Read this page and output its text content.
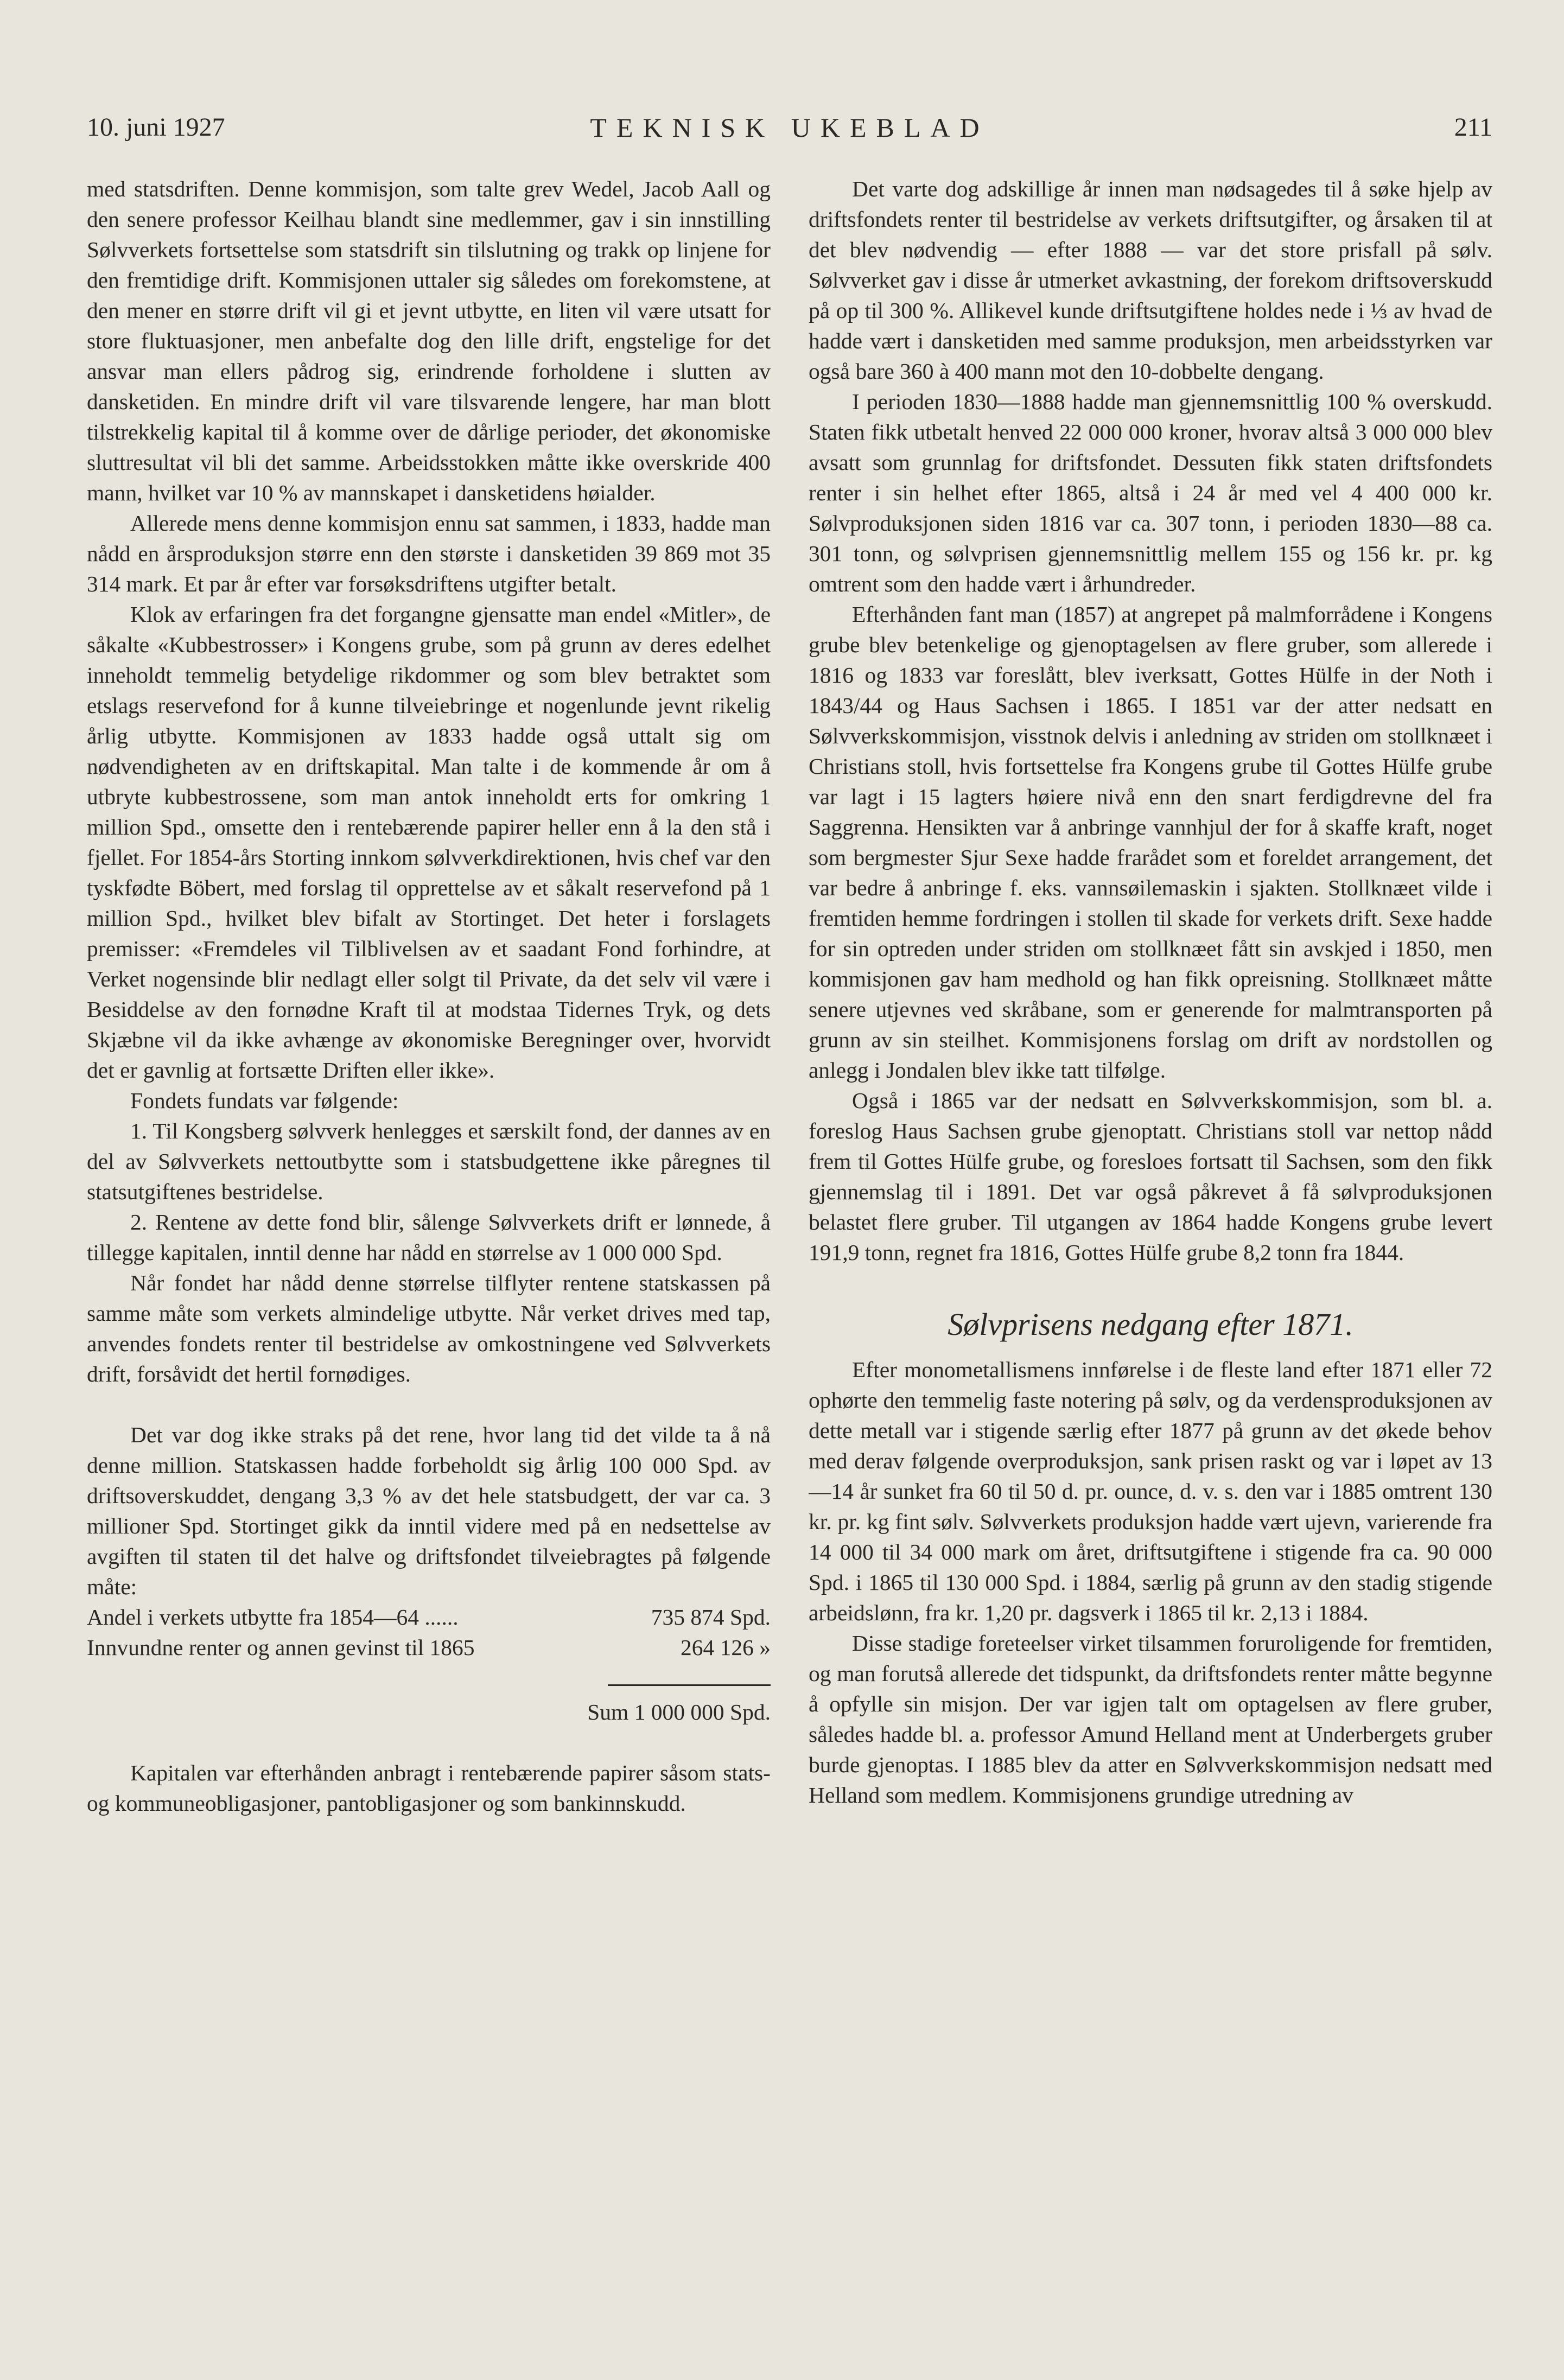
10. juni 1927	TEKNISK UKEBLAD	211

med statsdriften. Denne kommisjon, som talte grev Wedel, Jacob Aall og den senere professor Keilhau blandt sine medlemmer, gav i sin innstilling Sølvverkets fortsettelse som statsdrift sin tilslutning og trakk op linjene for den fremtidige drift. Kommisjonen uttaler sig således om forekomstene, at den mener en større drift vil gi et jevnt utbytte, en liten vil være utsatt for store fluktuasjoner, men anbefalte dog den lille drift, engstelige for det ansvar man ellers pådrog sig, erindrende forholdene i slutten av dansketiden. En mindre drift vil vare tilsvarende lengere, har man blott tilstrekkelig kapital til å komme over de dårlige perioder, det økonomiske sluttresultat vil bli det samme. Arbeidsstokken måtte ikke overskride 400 mann, hvilket var 10 % av mannskapet i dansketidens høialder.

Allerede mens denne kommisjon ennu sat sammen, i 1833, hadde man nådd en årsproduksjon større enn den største i dansketiden 39 869 mot 35 314 mark. Et par år efter var forsøksdriftens utgifter betalt.

Klok av erfaringen fra det forgangne gjensatte man endel «Mitler», de såkalte «Kubbestrosser» i Kongens grube, som på grunn av deres edelhet inneholdt temmelig betydelige rikdommer og som blev betraktet som etslags reservefond for å kunne tilveiebringe et nogenlunde jevnt rikelig årlig utbytte. Kommisjonen av 1833 hadde også uttalt sig om nødvendigheten av en driftskapital. Man talte i de kommende år om å utbryte kubbestrossene, som man antok inneholdt erts for omkring 1 million Spd., omsette den i rentebærende papirer heller enn å la den stå i fjellet. For 1854-års Storting innkom sølvverkdirektionen, hvis chef var den tyskfødte Böbert, med forslag til opprettelse av et såkalt reservefond på 1 million Spd., hvilket blev bifalt av Stortinget. Det heter i forslagets premisser: «Fremdeles vil Tilblivelsen av et saadant Fond forhindre, at Verket nogensinde blir nedlagt eller solgt til Private, da det selv vil være i Besiddelse av den fornødne Kraft til at modstaa Tidernes Tryk, og dets Skjæbne vil da ikke avhænge av økonomiske Beregninger over, hvorvidt det er gavnlig at fortsætte Driften eller ikke».

Fondets fundats var følgende:

1. Til Kongsberg sølvverk henlegges et særskilt fond, der dannes av en del av Sølvverkets nettoutbytte som i statsbudgettene ikke påregnes til statsutgiftenes bestridelse.

2. Rentene av dette fond blir, sålenge Sølvverkets drift er lønnede, å tillegge kapitalen, inntil denne har nådd en størrelse av 1 000 000 Spd.

Når fondet har nådd denne størrelse tilflyter rentene statskassen på samme måte som verkets almindelige utbytte. Når verket drives med tap, anvendes fondets renter til bestridelse av omkostningene ved Sølvverkets drift, forsåvidt det hertil fornødiges.

Det var dog ikke straks på det rene, hvor lang tid det vilde ta å nå denne million. Statskassen hadde forbeholdt sig årlig 100 000 Spd. av driftsoverskuddet, dengang 3,3 % av det hele statsbudgett, der var ca. 3 millioner Spd. Stortinget gikk da inntil videre med på en nedsettelse av avgiften til staten til det halve og driftsfondet tilveiebragtes på følgende måte:

Andel i verkets utbytte fra 1854—64 ......	735 874 Spd.
Innvundne renter og annen gevinst til 1865	264 126 »
Sum 1 000 000 Spd.

Kapitalen var efterhånden anbragt i rentebærende papirer såsom stats- og kommuneobligasjoner, pantobligasjoner og som bankinnskudd.

Det varte dog adskillige år innen man nødsagedes til å søke hjelp av driftsfondets renter til bestridelse av verkets driftsutgifter, og årsaken til at det blev nødvendig — efter 1888 — var det store prisfall på sølv. Sølvverket gav i disse år utmerket avkastning, der forekom driftsoverskudd på op til 300 %. Allikevel kunde driftsutgiftene holdes nede i ⅓ av hvad de hadde vært i dansketiden med samme produksjon, men arbeidsstyrken var også bare 360 à 400 mann mot den 10-dobbelte dengang.

I perioden 1830—1888 hadde man gjennemsnittlig 100 % overskudd. Staten fikk utbetalt henved 22 000 000 kroner, hvorav altså 3 000 000 blev avsatt som grunnlag for driftsfondet. Dessuten fikk staten driftsfondets renter i sin helhet efter 1865, altså i 24 år med vel 4 400 000 kr. Sølvproduksjonen siden 1816 var ca. 307 tonn, i perioden 1830—88 ca. 301 tonn, og sølvprisen gjennemsnittlig mellem 155 og 156 kr. pr. kg omtrent som den hadde vært i århundreder.

Efterhånden fant man (1857) at angrepet på malmforrådene i Kongens grube blev betenkelige og gjenoptagelsen av flere gruber, som allerede i 1816 og 1833 var foreslått, blev iverksatt, Gottes Hülfe in der Noth i 1843/44 og Haus Sachsen i 1865. I 1851 var der atter nedsatt en Sølvverkskommisjon, visstnok delvis i anledning av striden om stollknæet i Christians stoll, hvis fortsettelse fra Kongens grube til Gottes Hülfe grube var lagt i 15 lagters høiere nivå enn den snart ferdigdrevne del fra Saggrenna. Hensikten var å anbringe vannhjul der for å skaffe kraft, noget som bergmester Sjur Sexe hadde frarådet som et foreldet arrangement, det var bedre å anbringe f. eks. vannsøilemaskin i sjakten. Stollknæet vilde i fremtiden hemme fordringen i stollen til skade for verkets drift. Sexe hadde for sin optreden under striden om stollknæet fått sin avskjed i 1850, men kommisjonen gav ham medhold og han fikk opreisning. Stollknæet måtte senere utjevnes ved skråbane, som er generende for malmtransporten på grunn av sin steilhet. Kommisjonens forslag om drift av nordstollen og anlegg i Jondalen blev ikke tatt tilfølge.

Også i 1865 var der nedsatt en Sølvverkskommisjon, som bl. a. foreslog Haus Sachsen grube gjenoptatt. Christians stoll var nettop nådd frem til Gottes Hülfe grube, og foresloes fortsatt til Sachsen, som den fikk gjennemslag til i 1891. Det var også påkrevet å få sølvproduksjonen belastet flere gruber. Til utgangen av 1864 hadde Kongens grube levert 191,9 tonn, regnet fra 1816, Gottes Hülfe grube 8,2 tonn fra 1844.

Sølvprisens nedgang efter 1871.

Efter monometallismens innførelse i de fleste land efter 1871 eller 72 ophørte den temmelig faste notering på sølv, og da verdensproduksjonen av dette metall var i stigende særlig efter 1877 på grunn av det økede behov med derav følgende overproduksjon, sank prisen raskt og var i løpet av 13—14 år sunket fra 60 til 50 d. pr. ounce, d. v. s. den var i 1885 omtrent 130 kr. pr. kg fint sølv. Sølvverkets produksjon hadde vært ujevn, varierende fra 14 000 til 34 000 mark om året, driftsutgiftene i stigende fra ca. 90 000 Spd. i 1865 til 130 000 Spd. i 1884, særlig på grunn av den stadig stigende arbeidslønn, fra kr. 1,20 pr. dagsverk i 1865 til kr. 2,13 i 1884.

Disse stadige foreteelser virket tilsammen foruroligende for fremtiden, og man forutså allerede det tidspunkt, da driftsfondets renter måtte begynne å opfylle sin misjon. Der var igjen talt om optagelsen av flere gruber, således hadde bl. a. professor Amund Helland ment at Underbergets gruber burde gjenoptas. I 1885 blev da atter en Sølvverkskommisjon nedsatt med Helland som medlem. Kommisjonens grundige utredning av
